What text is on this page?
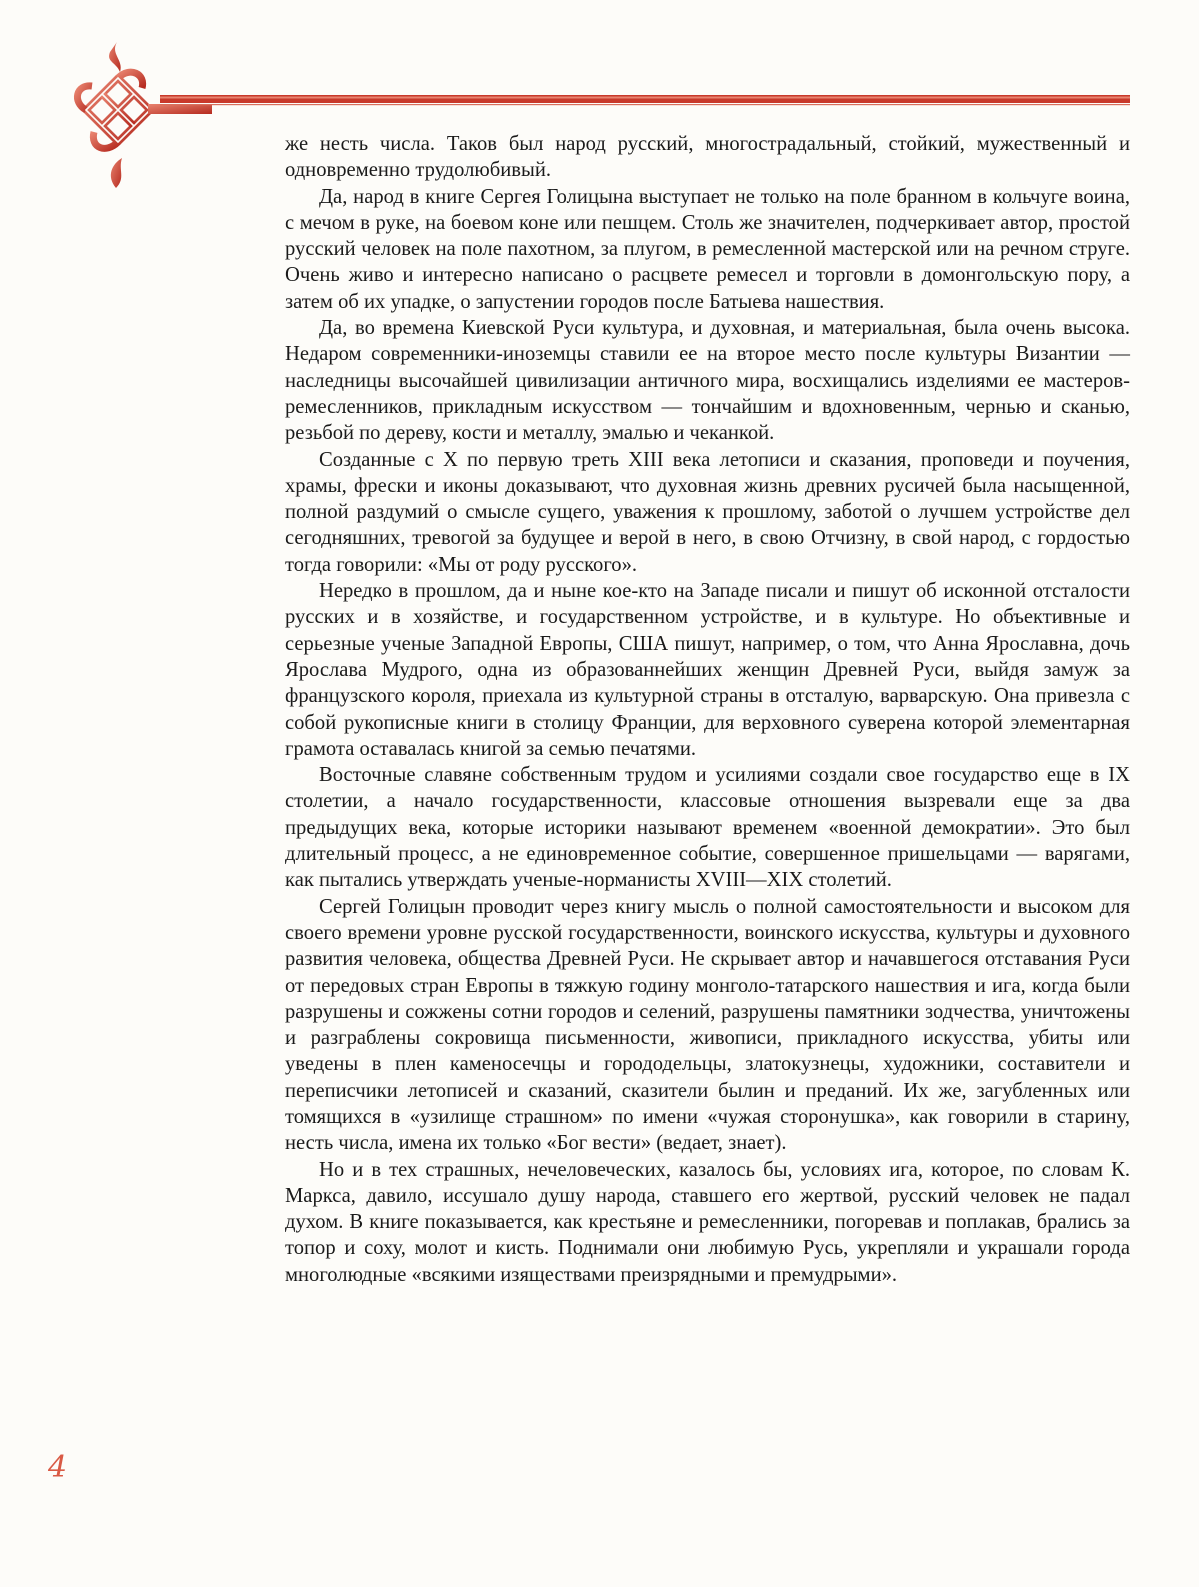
же несть числа. Таков был народ русский, многострадальный, стойкий, мужественный и одновременно трудолюбивый.

Да, народ в книге Сергея Голицына выступает не только на поле бранном в кольчуге воина, с мечом в руке, на боевом коне или пешцем. Столь же значителен, подчеркивает автор, простой русский человек на поле пахотном, за плугом, в ремесленной мастерской или на речном струге. Очень живо и интересно написано о расцвете ремесел и торговли в домонгольскую пору, а затем об их упадке, о запустении городов после Батыева нашествия.

Да, во времена Киевской Руси культура, и духовная, и материальная, была очень высока. Недаром современники-иноземцы ставили ее на второе место после культуры Византии — наследницы высочайшей цивилизации античного мира, восхищались изделиями ее мастеров-ремесленников, прикладным искусством — тончайшим и вдохновенным, чернью и сканью, резьбой по дереву, кости и металлу, эмалью и чеканкой.

Созданные с X по первую треть XIII века летописи и сказания, проповеди и поучения, храмы, фрески и иконы доказывают, что духовная жизнь древних русичей была насыщенной, полной раздумий о смысле сущего, уважения к прошлому, заботой о лучшем устройстве дел сегодняшних, тревогой за будущее и верой в него, в свою Отчизну, в свой народ, с гордостью тогда говорили: «Мы от роду русского».

Нередко в прошлом, да и ныне кое-кто на Западе писали и пишут об исконной отсталости русских и в хозяйстве, и государственном устройстве, и в культуре. Но объективные и серьезные ученые Западной Европы, США пишут, например, о том, что Анна Ярославна, дочь Ярослава Мудрого, одна из образованнейших женщин Древней Руси, выйдя замуж за французского короля, приехала из культурной страны в отсталую, варварскую. Она привезла с собой рукописные книги в столицу Франции, для верховного суверена которой элементарная грамота оставалась книгой за семью печатями.

Восточные славяне собственным трудом и усилиями создали свое государство еще в IX столетии, а начало государственности, классовые отношения вызревали еще за два предыдущих века, которые историки называют временем «военной демократии». Это был длительный процесс, а не единовременное событие, совершенное пришельцами — варягами, как пытались утверждать ученые-норманисты XVIII—XIX столетий.

Сергей Голицын проводит через книгу мысль о полной самостоятельности и высоком для своего времени уровне русской государственности, воинского искусства, культуры и духовного развития человека, общества Древней Руси. Не скрывает автор и начавшегося отставания Руси от передовых стран Европы в тяжкую годину монголо-татарского нашествия и ига, когда были разрушены и сожжены сотни городов и селений, разрушены памятники зодчества, уничтожены и разграблены сокровища письменности, живописи, прикладного искусства, убиты или уведены в плен каменосечцы и горододельцы, златокузнецы, художники, составители и переписчики летописей и сказаний, сказители былин и преданий. Их же, загубленных или томящихся в «узилище страшном» по имени «чужая сторонушка», как говорили в старину, несть числа, имена их только «Бог вести» (ведает, знает).

Но и в тех страшных, нечеловеческих, казалось бы, условиях ига, которое, по словам К. Маркса, давило, иссушало душу народа, ставшего его жертвой, русский человек не падал духом. В книге показывается, как крестьяне и ремесленники, погоревав и поплакав, брались за топор и соху, молот и кисть. Поднимали они любимую Русь, укрепляли и украшали города многолюдные «всякими изяществами преизрядными и премудрыми».

4
